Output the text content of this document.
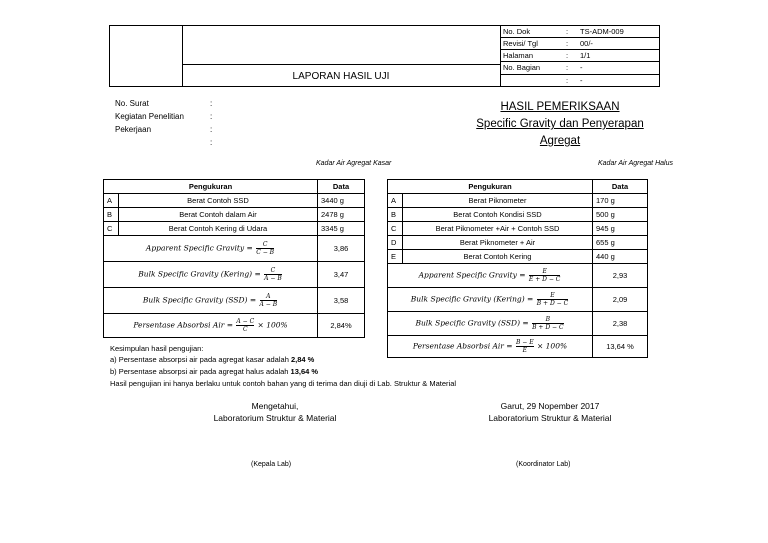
LAPORAN HASIL UJI
No. Dok	: TS-ADM-009
Revisi/ Tgl	: 00/-
Halaman	: 1/1
No. Bagian	: -
: -
No. Surat	:
Kegiatan Penelitian	:
Pekerjaan	:
:
HASIL PEMERIKSAAN
Specific Gravity dan Penyerapan
Agregat
Kadar Air Agregat Kasar	Kadar Air Agregat Halus
Pengukuran		Data
A	Berat Contoh SSD	3440 g
B	Berat Contoh dalam Air	2478 g
C	Berat Contoh Kering di Udara	3345 g
Apparent Specific Gravity = $\frac{C}{C - B}$		3,86
Bulk Specific Gravity (Kering) = $\frac{C}{A - B}$		3,47
Bulk Specific Gravity $(SSD) = \frac{A}{A - B}$		3,58
Persentase Absorbsi Air = $\frac{A - C}{C} \times 100\%$		2,84%
Pengukuran		Data
A	Berat Piknometer	170 g
B	Berat Contoh Kondisi SSD	500 g
C	Berat Piknometer +Air + Contoh SSD	945 g
D	Berat Piknometer + Air	655 g
E	Berat Contoh Kering	440 g
Apparent Specific Gravity = $\frac{E}{E + D - C}$		2,93
Bulk Specific Gravity (Kering) = $\frac{E}{B + D - C}$		2,09
Bulk Specific Gravity $(SSD) = \frac{B}{B + D - C}$		2,38
Persentase Absorbsi Air = $\frac{B - E}{E} \times 100\%$		13,64 %
Kesimpulan hasil pengujian:
a) Persentase absorpsi air pada agregat kasar adalah 2,84 %
b) Persentase absorpsi air pada agregat halus adalah 13,64 %
Hasil pengujian ini hanya berlaku untuk contoh bahan yang di terima dan diuji di Lab. Struktur & Material
Mengetahui,
Laboratorium Struktur & Material
Garut, 29 Nopember 2017
Laboratorium Struktur & Material
(Kepala Lab)	(Koordinator Lab)
